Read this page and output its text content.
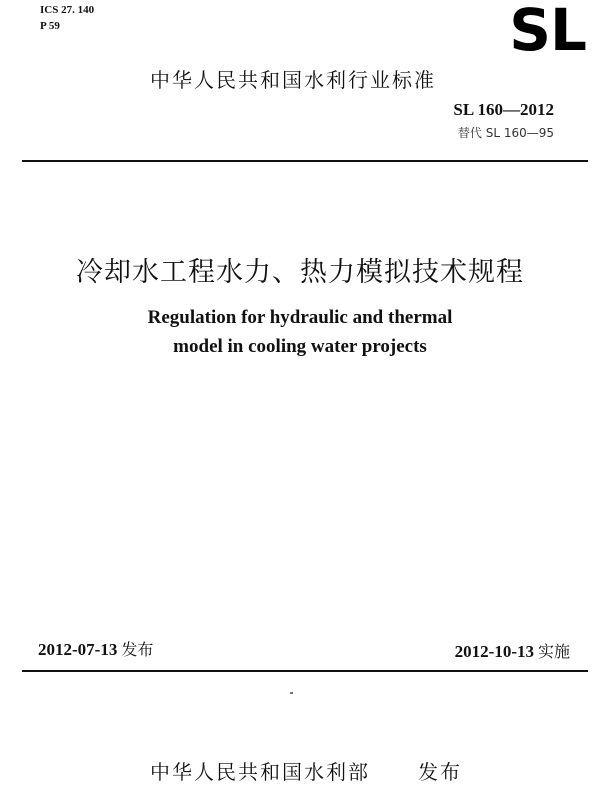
ICS 27. 140
P 59	SL
中华人民共和国水利行业标准
SL 160—2012
替代 SL 160—95
冷却水工程水力、热力模拟技术规程
Regulation for hydraulic and thermal
model in cooling water projects
2012-07-13 发布	2012-10-13 实施
中华人民共和国水利部 发布
